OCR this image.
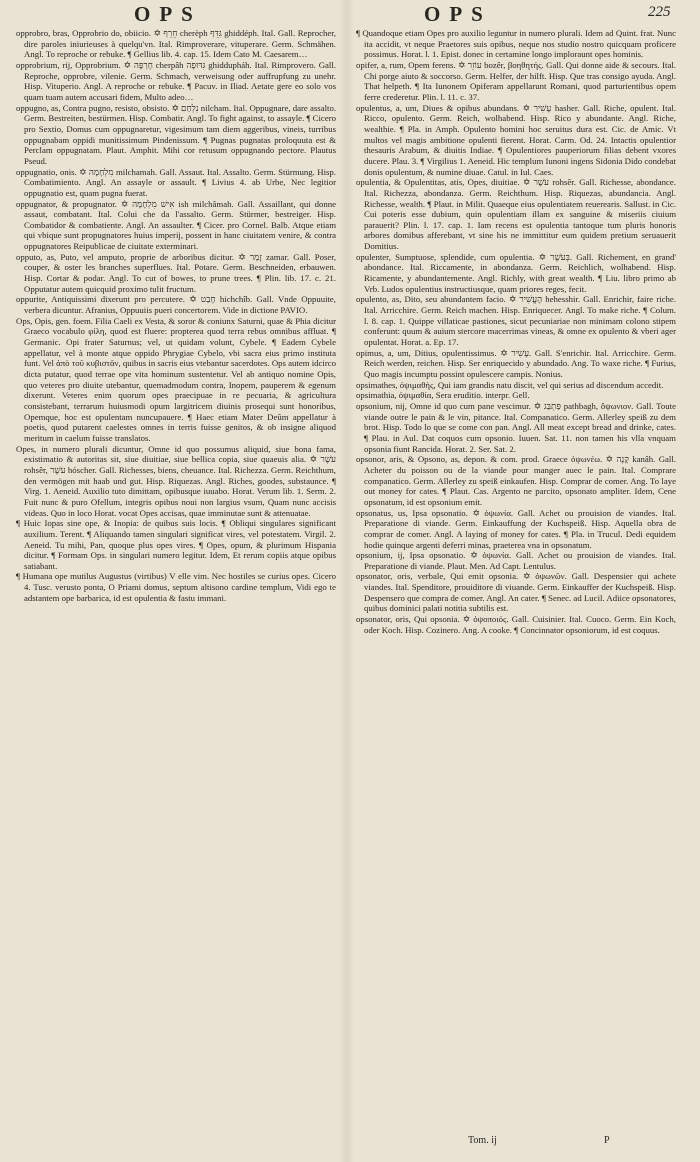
OPS	OPS	225

opprobro, bras, Opprobrio do, obiicio. ✡ חֵרֵף cherèph גִּדֵּף ghiddéph. Ital. Gall. Reprocher, dire paroles iniurieuses à quelqu'vn. Ital. Rimproverare, vituperare. Germ. Schmähen. Angl. To reproche or rebuke. ¶ Gellius lib. 4. cap. 15. Idem Cato M. Caesarem…

opprobrium, rij, Opprobrium. ✡ חֶרְפָּה cherpâh גִּדּוּפָה ghiddupháh. Ital. Rimprovero. Gall. Reproche, opprobre, vilenie. Germ. Schmach, verweisung oder auffrupfung zu unehr. Hisp. Vituperio. Angl. A reproche or rebuke. ¶ Pacuv. in Iliad. Aetate gere eo solo vos quam tuam autem accusari fidem, Multo adeo…

oppugno, as, Contra pugno, resisto, obsisto. ✡ נִלְחַם nilcham. Ital. Oppugnare, dare assalto. Germ. Bestreiten, bestürmen. Hisp. Combatir. Angl. To fight against, to assayle. ¶ Cicero pro Sextio, Domus cum oppugnaretur, vigesimum tam diem aggeribus, vineis, turribus oppugnabam oppidi munitissimum Pindenissum. ¶ Pugnas pugnatas proloquuta est & Perclam oppugnatam. Plaut. Amphit. Mihi cor retusum oppugnando pectore. Plautus Pseud.

oppugnatio, onis. ✡ מִלְחָמָה milchamah. Gall. Assaut. Ital. Assalto. Germ. Stürmung. Hisp. Combatimiento. Angl. An assayle or assault. ¶ Livius 4. ab Urbe, Nec legitior oppugnatio est, quam pugna fuerat.

oppugnator, & propugnator. ✡ אִישׁ מִלְחָמָה ish milchâmah. Gall. Assaillant, qui donne assaut, combatant. Ital. Colui che da l'assalto. Germ. Stürmer, bestreiger. Hisp. Combatidor & combatiente. Angl. An assaulter. ¶ Cicer. pro Cornel. Balb. Atque etiam qui vbique sunt propugnatores huius imperij, possent in hanc ciuitatem venire, & contra oppugnatores Reipublicae de ciuitate exterminari.

opputo, as, Puto, vel amputo, proprie de arboribus dicitur. ✡ זָמַר zamar. Gall. Poser, couper, & oster les branches superflues. Ital. Potare. Germ. Beschneiden, erbauwen. Hisp. Cortar & podar. Angl. To cut of bowes, to prune trees. ¶ Plin. lib. 17. c. 21. Opputatur autem quicquid proximo tulit fructum.

oppurite, Antiquissimi dixerunt pro percutere. ✡ חָבַט hichchîb. Gall. Vnde Oppuuite, verbera dicuntur. Afranius, Oppuuiis pueri concertorem. Vide in dictione PAVIO.

Ops, Opis, gen. foem. Filia Caeli ex Vesta, & soror & coniunx Saturni, quae & Phia dicitur Graeco vocabulo φίλη, quod est fluere: propterea quod terra rebus omnibus affluat. ¶ Germanic. Opi frater Saturnus; vel, ut quidam volunt, Cybele. ¶ Eadem Cybele appellatur, vel à monte atque oppido Phrygiae Cybelo, vbi sacra eius primo instituta funt. Vel ἀπὸ τοῦ κυβιστᾶν, quibus in sacris eius vtebantur sacerdotes. Ops autem idcirco dicta putatur, quod terrae ope vita hominum sustentetur. Vel ab antiquo nomine Opis, quo veteres pro diuite utebantur, quemadmodum contra, Inopem, pauperem & egenum dixerunt. Veteres enim quorum opes praecipuae in re pecuaria, & agricultura consistebant, terrarum huiusmodi opum largitricem diuinis prosequi sunt honoribus, Opemque, hoc est opulentam nuncupauere. ¶ Haec etiam Mater Deûm appellatur à poetis, quod putarent caelestes omnes in terris fuisse genitos, & ob insigne aliquod meritum in caelum fuisse translatos.

Opes, in numero plurali dicuntur, Omne id quo possumus aliquid, siue bona fama, existimatio & autoritas sit, siue diuitiae, siue bellica copia, siue quaeuis alia. ✡ עֹשֶׁר rohsêr, עֹשֶׁר hóscher. Gall. Richesses, biens, cheuance. Ital. Richezza. Germ. Reichthum, den vermögen mit haab und gut. Hisp. Riquezas. Angl. Riches, goodes, substaunce. ¶ Virg. 1. Aeneid. Auxilio tuto dimittam, opibusque iuuabo. Horat. Verum lib. 1. Serm. 2. Fuit nunc & puro Ofellum, integris opibus noui non largius vsum, Quam nunc accisis videas. Quo in loco Horat. vocat Opes accisas, quae imminutae sunt & attenuatae.

¶ Huic Iopas sine ope, & Inopia: de quibus suis locis. ¶ Obliqui singulares significant auxilium. Terent. ¶ Aliquando tamen singulari significat vires, vel potestatem. Virgil. 2. Aeneid. Tu mihi, Pan, quoque plus opes vires. ¶ Opes, opum, & plurimum Hispania dicitur. ¶ Formam Ops. in singulari numero legitur. Idem, Et rerum copiis atque opibus satiabant.

¶ Humana ope mutilus Augustus (virtibus) V elle vim. Nec hostiles se curius opes. Cicero 4. Tusc. verusto ponta, O Priami domus, septum altisono cardine templum, Vidi ego te adstantem ope barbarica, id est opulentia & fastu immani.

¶ Quandoque etiam Opes pro auxilio leguntur in numero plurali. Idem ad Quint. frat. Nunc ita accidit, vt neque Praetores suis opibus, neque nos studio nostro quicquam proficere possimus. Horat. l. 1. Epist. donec in certamine longo imploraunt opes hominis.

opifer, a, rum, Opem ferens. ✡ עוֹזֵר bozêr, βοηθητής. Gall. Qui donne aide & secours. Ital. Chi porge aiuto & soccorso. Germ. Helfer, der hilft. Hisp. Que tras consigo ayuda. Angl. That helpeth. ¶ Ita Iunonem Opiferam appellarunt Romani, quod parturientibus opem ferre crederetur. Plin. l. 11. c. 37.

opulentus, a, um, Diues & opibus abundans. ✡ עָשִׁיר hasher. Gall. Riche, opulent. Ital. Ricco, opulento. Germ. Reich, wolhabend. Hisp. Rico y abundante. Angl. Riche, wealthie. ¶ Pla. in Amph. Opulento homini hoc seruitus dura est. Cic. de Amic. Vt multos vel magis ambitione opulenti fierent. Horat. Carm. Od. 24. Intactis opulentior thesauris Arabum, & diuitis Indiae. ¶ Opulentiores pauperiorum filias debent vxores ducere. Plau. 3. ¶ Virgilius 1. Aeneid. Hic templum Iunoni ingens Sidonia Dido condebat donis opulentum, & numine diuae. Catul. in Iul. Caes.

opulentia, & Opulentitas, atis, Opes, diuitiae. ✡ עֹשֶׁר rohsêr. Gall. Richesse, abondance. Ital. Richezza, abondanza. Germ. Reichthum. Hisp. Riquezas, abundancia. Angl. Richesse, wealth. ¶ Plaut. in Milit. Quaeque eius opulentiatem reuerearis. Sallust. in Cic. Cui poteris esse dubium, quin opulentiam illam ex sanguine & miseriis ciuium parauerit? Plin. l. 17. cap. 1. Iam recens est opulentia tantoque tum pluris honoris arbores domibus afferebant, vt sine his ne immittitur eum quidem pretium seruauerit Domitius.

opulenter, Sumptuose, splendide, cum opulentia. ✡ בְּעֹשֶׁר. Gall. Richement, en grand' abondance. Ital. Riccamente, in abondanza. Germ. Reichlich, wolhabend. Hisp. Ricamente, y abundantemente. Angl. Richly, with great wealth. ¶ Liu. libro primo ab Vrb. Ludos opulentius instructiusque, quam priores reges, fecit.

opulento, as, Dito, seu abundantem facio. ✡ הֶעֱשִׁיר hehesshir. Gall. Enrichir, faire riche. Ital. Arricchire. Germ. Reich machen. Hisp. Enriquecer. Angl. To make riche. ¶ Colum. l. 8. cap. 1. Quippe villaticae pastiones, sicut pecuniariae non minimam colono stipem conferunt: quum & auium stercore macerrimas vineas, & omne ex opulento & vberi ager opulentat. Horat. a. Ep. 17.

opimus, a, um, Ditius, opulentissimus. ✡ עָשִׁיר. Gall. S'enrichir. Ital. Arricchire. Germ. Reich werden, reichen. Hisp. Ser enriquecido y abundado. Ang. To waxe riche. ¶ Furius, Quo magis incumptu possint opulescere campis. Nonius.

opsimathes, ὀψιμαθής, Qui iam grandis natu discit, vel qui serius ad discendum accedit.

opsimathia, ὀψιμαθία, Sera eruditio. interpr. Gell.

opsonium, nij, Omne id quo cum pane vescimur. ✡ פַּתְבַּג pathbagh, ὄψωνιον. Gall. Toute viande outre le pain & le vin, pitance. Ital. Companatico. Germ. Allerley speiß zu dem brot. Hisp. Todo lo que se come con pan. Angl. All meat except bread and drinke, cates. ¶ Plau. in Aul. Dat coquos cum opsonio. Iuuen. Sat. 11. non tamen his vlla vnquam opsonia fiunt Rancida. Horat. 2. Ser. Sat. 2.

opsonor, aris, & Opsono, as, depon. & com. prod. Graece ὀψωνέω. ✡ קָנָה kanâh. Gall. Acheter du poisson ou de la viande pour manger auec le pain. Ital. Comprare companatico. Germ. Allerley zu speiß einkaufen. Hisp. Comprar de comer. Ang. To laye out money for cates. ¶ Plaut. Cas. Argento ne parcito, opsonato ampliter. Idem, Cene opsonatum, id est opsonium emit.

opsonatus, us, Ipsa opsonatio. ✡ ὀψωνία. Gall. Achet ou prouision de viandes. Ital. Preparatione di viande. Germ. Einkauffung der Kuchspeiß. Hisp. Aquella obra de comprar de comer. Angl. A laying of money for cates. ¶ Pla. in Trucul. Dedi equidem hodie quinque argenti deferri minas, praeterea vna in opsonatum.

opsonium, ij, Ipsa opsonatio. ✡ ὀψωνία. Gall. Achet ou prouision de viandes. Ital. Preparatione di viande. Plaut. Men. Ad Capt. Lentulus.

opsonator, oris, verbale, Qui emit opsonia. ✡ ὀψωνῶν. Gall. Despensier qui achete viandes. Ital. Spenditore, prouiditore di viuande. Germ. Einkauffer der Kuchspeiß. Hisp. Despensero que compra de comer. Angl. An cater. ¶ Senec. ad Lucil. Adiice opsonatores, quibus dominici palati notitia subtilis est.

opsonator, oris, Qui opsonia. ✡ ὀψοποιός. Gall. Cuisinier. Ital. Cuoco. Germ. Ein Koch, oder Koch. Hisp. Cozinero. Ang. A cooke. ¶ Concinnator opsoniorum, id est coquus.

Tom. ij	P
